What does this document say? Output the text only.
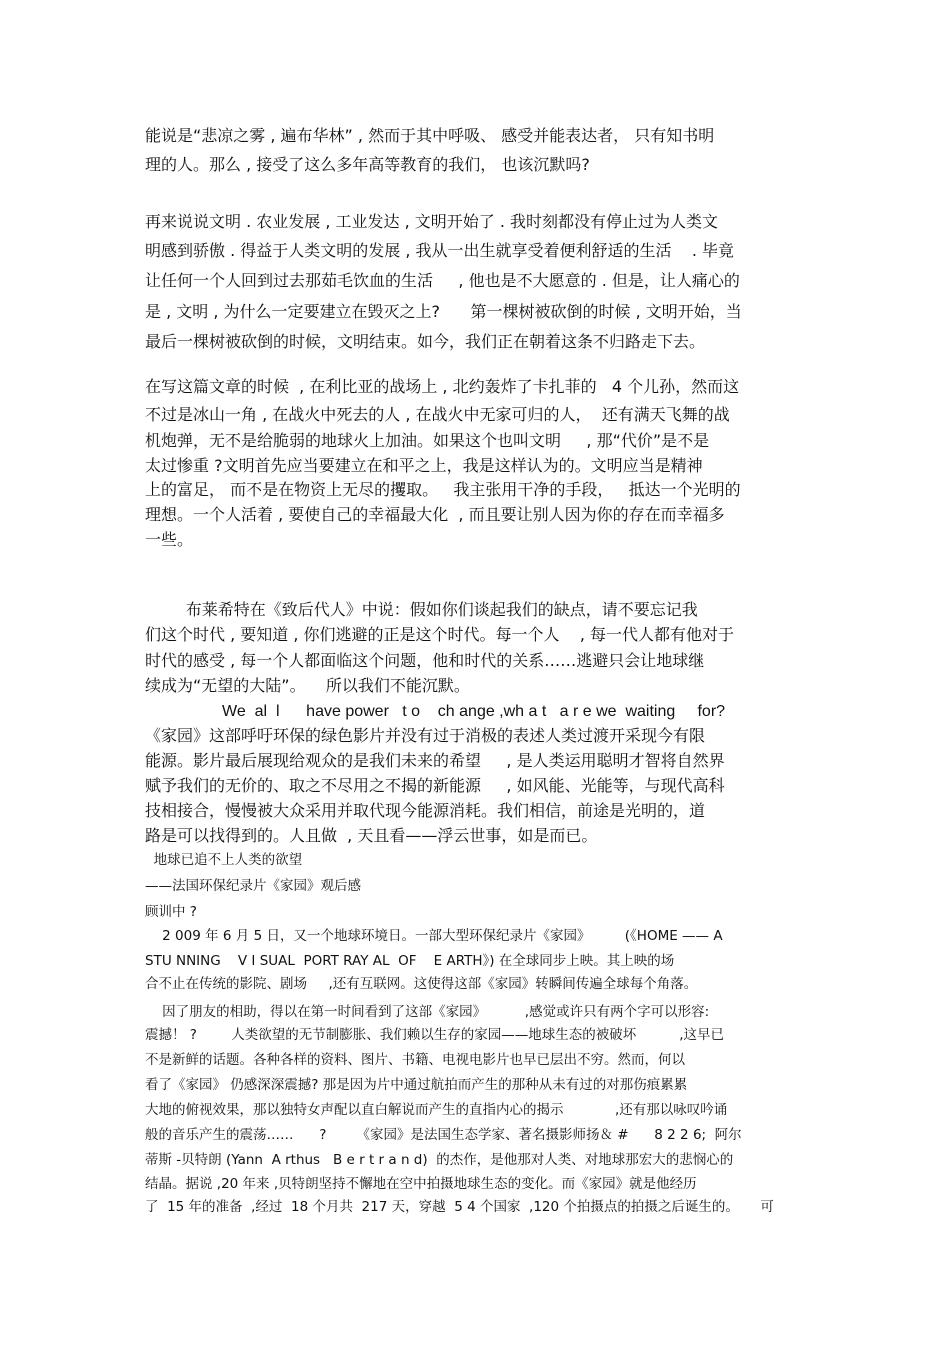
能说是“悲凉之雾 , 遍布华林” , 然而于其中呼吸、 感受并能表达者， 只有知书明
理的人。那么 , 接受了这么多年高等教育的我们， 也该沉默吗?
再来说说文明 . 农业发展 , 工业发达 , 文明开始了 . 我时刻都没有停止过为人类文
明感到骄傲 . 得益于人类文明的发展 , 我从一出生就享受着便利舒适的生活    . 毕竟
让任何一个人回到过去那茹毛饮血的生活     , 他也是不大愿意的 . 但是，让人痛心的
是 , 文明 , 为什么一定要建立在毁灭之上?      第一棵树被砍倒的时候 , 文明开始，当
最后一棵树被砍倒的时候，文明结束。如今，我们正在朝着这条不归路走下去。
在写这篇文章的时候  , 在利比亚的战场上 , 北约轰炸了卡扎菲的   4 个儿孙，然而这
不过是冰山一角 , 在战火中死去的人 , 在战火中无家可归的人，  还有满天飞舞的战
机炮弹，无不是给脆弱的地球火上加油。如果这个也叫文明     , 那“代价”是不是
太过惨重 ?文明首先应当要建立在和平之上，我是这样认为的。文明应当是精神
上的富足， 而不是在物资上无尽的攫取。   我主张用干净的手段，   抵达一个光明的
理想。一个人活着 , 要使自己的幸福最大化  , 而且要让别人因为你的存在而幸福多
一些。
布莱希特在《致后代人》中说：假如你们谈起我们的缺点，请不要忘记我
们这个时代 , 要知道 , 你们逃避的正是这个时代。每一个人    , 每一代人都有他对于
时代的感受 , 每一个人都面临这个问题，他和时代的关系……逃避只会让地球继
续成为“无望的大陆”。    所以我们不能沉默。
We  al  l      have power   t o    ch ange ,wh a t   a r e we  waiting     for?
《家园》这部呼吁环保的绿色影片并没有过于消极的表述人类过渡开采现今有限
能源。影片最后展现给观众的是我们未来的希望     , 是人类运用聪明才智将自然界
赋予我们的无价的、取之不尽用之不揭的新能源     , 如风能、光能等，与现代高科
技相接合，慢慢被大众采用并取代现今能源消耗。我们相信，前途是光明的，道
路是可以找得到的。人且做  , 天且看——浮云世事，如是而已。
地球已追不上人类的欲望
——法国环保纪录片《家园》观后感
顾训中 ?
2 009 年 6 月 5 日，又一个地球环境日。一部大型环保纪录片《家园》        (《HOME —— A
STU NNING    V I SUAL  PORT RAY AL  OF    E ARTH》) 在全球同步上映。其上映的场
合不止在传统的影院、剧场     ,还有互联网。这使得这部《家园》转瞬间传遍全球每个角落。
因了朋友的相助，得以在第一时间看到了这部《家园》         ,感觉或许只有两个字可以形容:
震撼！ ?        人类欲望的无节制膨胀、我们赖以生存的家园——地球生态的被破坏          ,这早已
不是新鲜的话题。各种各样的资料、图片、书籍、电视电影片也早已层出不穷。然而，何以
看了《家园》 仍感深深震撼? 那是因为片中通过航拍而产生的那种从未有过的对那伤痕累累
大地的俯视效果，那以独特女声配以直白解说而产生的直指内心的揭示            ,还有那以咏叹吟诵
般的音乐产生的震荡……      ?       《家园》是法国生态学家、著名摄影师扬＆ #      8 2 2 6;  阿尔
蒂斯 -贝特朗 (Yann  A rthus   B e r t r a n d)  的杰作，是他那对人类、对地球那宏大的悲悯心的
结晶。据说 ,20 年来 ,贝特朗坚持不懈地在空中拍摄地球生态的变化。而《家园》就是他经历
了  15 年的准备  ,经过  18 个月共  217 天，穿越  5 4 个国家  ,120 个拍摄点的拍摄之后诞生的。     可
